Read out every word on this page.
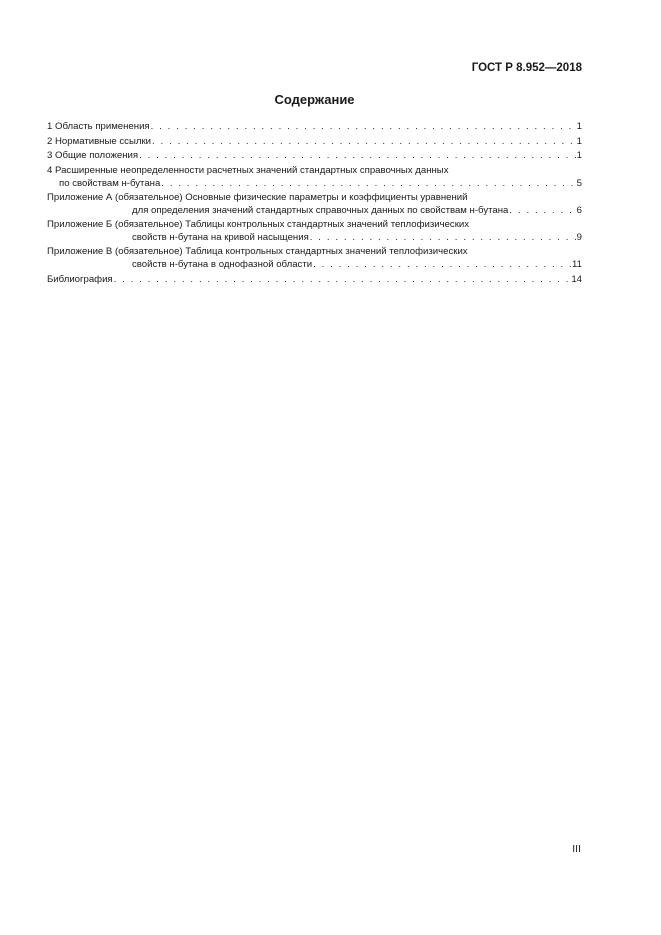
ГОСТ Р 8.952—2018
Содержание
1 Область применения . . .	1
2 Нормативные ссылки . . .	1
3 Общие положения . . .	1
4 Расширенные неопределенности расчетных значений стандартных справочных данных
по свойствам н-бутана . . .	5
Приложение А (обязательное) Основные физические параметры и коэффициенты уравнений
для определения значений стандартных справочных данных по свойствам н-бутана . . .	6
Приложение Б (обязательное) Таблицы контрольных стандартных значений теплофизических
свойств н-бутана на кривой насыщения . . .	9
Приложение В (обязательное) Таблица контрольных стандартных значений теплофизических
свойств н-бутана в однофазной области . . .	11
Библиография . . .	14
III
